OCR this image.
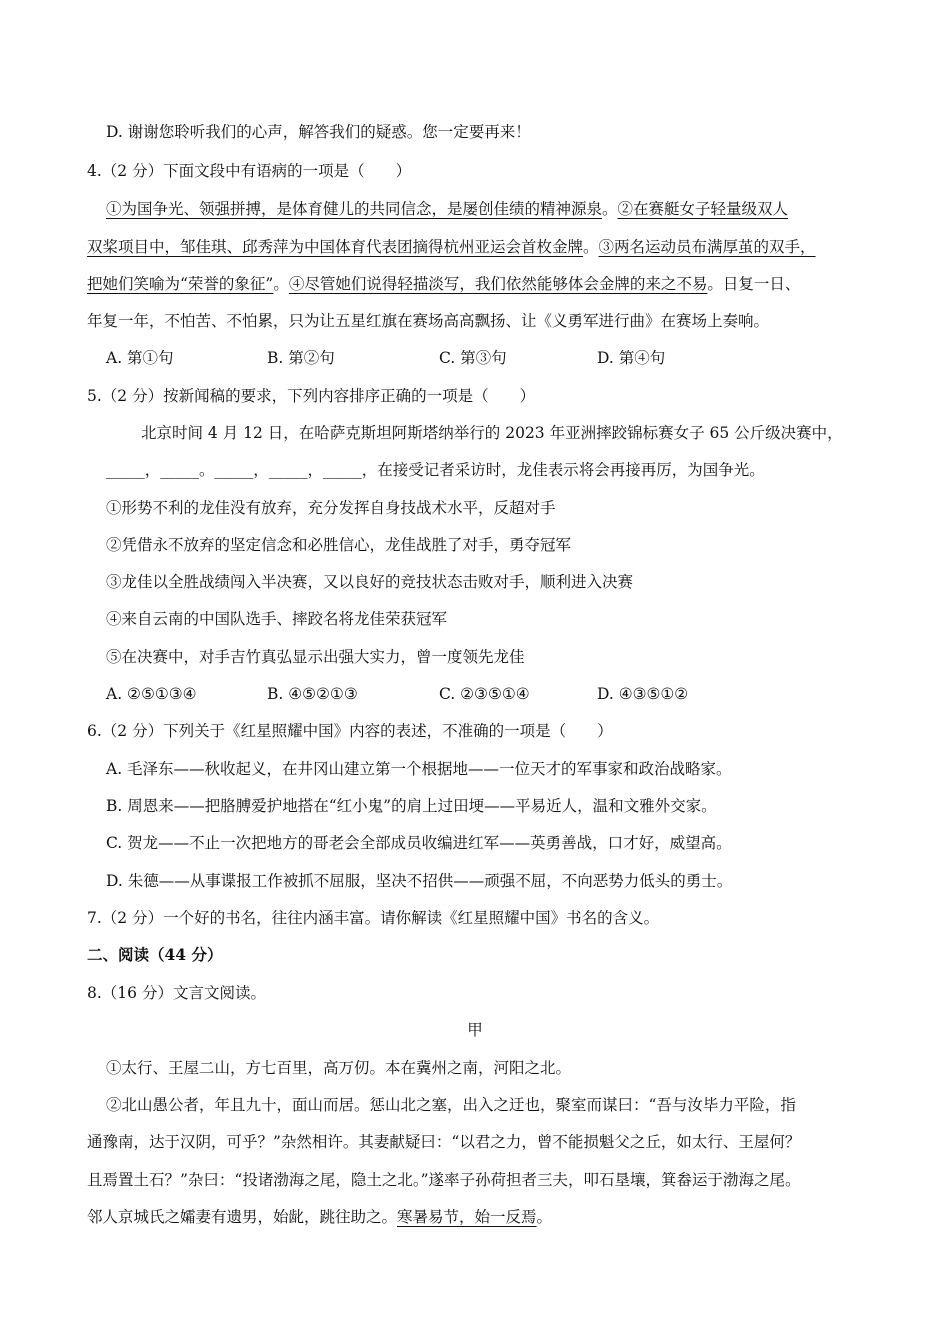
D. 谢谢您聆听我们的心声，解答我们的疑惑。您一定要再来！
4.（2 分）下面文段中有语病的一项是（　　）
①为国争光、领强拼搏，是体育健儿的共同信念，是屡创佳绩的精神源泉。②在赛艇女子轻量级双人
双桨项目中，邹佳琪、邱秀萍为中国体育代表团摘得杭州亚运会首枚金牌。③两名运动员布满厚茧的双手，
把她们笑喻为“荣誉的象征”。④尽管她们说得轻描淡写，我们依然能够体会金牌的来之不易。日复一日、
年复一年，不怕苦、不怕累，只为让五星红旗在赛场高高飘扬、让《义勇军进行曲》在赛场上奏响。
A. 第①句	B. 第②句	C. 第③句	D. 第④句
5.（2 分）按新闻稿的要求，下列内容排序正确的一项是（　　）
北京时间 4 月 12 日，在哈萨克斯坦阿斯塔纳举行的 2023 年亚洲摔跤锦标赛女子 65 公斤级决赛中，
_____，_____。_____，_____，_____，在接受记者采访时，龙佳表示将会再接再厉，为国争光。
①形势不利的龙佳没有放弃，充分发挥自身技战术水平，反超对手
②凭借永不放弃的坚定信念和必胜信心，龙佳战胜了对手，勇夺冠军
③龙佳以全胜战绩闯入半决赛，又以良好的竞技状态击败对手，顺利进入决赛
④来自云南的中国队选手、摔跤名将龙佳荣获冠军
⑤在决赛中，对手吉竹真弘显示出强大实力，曾一度领先龙佳
A. ②⑤①③④	B. ④⑤②①③	C. ②③⑤①④	D. ④③⑤①②
6.（2 分）下列关于《红星照耀中国》内容的表述，不准确的一项是（　　）
A. 毛泽东——秋收起义，在井冈山建立第一个根据地——一位天才的军事家和政治战略家。
B. 周恩来——把胳膊爱护地搭在“红小鬼”的肩上过田埂——平易近人，温和文雅外交家。
C. 贺龙——不止一次把地方的哥老会全部成员收编进红军——英勇善战，口才好，威望高。
D. 朱德——从事谍报工作被抓不屈服，坚决不招供——顽强不屈，不向恶势力低头的勇士。
7.（2 分）一个好的书名，往往内涵丰富。请你解读《红星照耀中国》书名的含义。
二、阅读（44 分）
8.（16 分）文言文阅读。
甲
①太行、王屋二山，方七百里，高万仞。本在冀州之南，河阳之北。
②北山愚公者，年且九十，面山而居。惩山北之塞，出入之迂也，聚室而谋曰：“吾与汝毕力平险，指
通豫南，达于汉阴，可乎？”杂然相许。其妻献疑曰：“以君之力，曾不能损魁父之丘，如太行、王屋何？
且焉置土石？”杂曰：“投诸渤海之尾，隐土之北。”遂率子孙荷担者三夫，叩石垦壤，箕畚运于渤海之尾。
邻人京城氏之孀妻有遗男，始龀，跳往助之。寒暑易节，始一反焉。
